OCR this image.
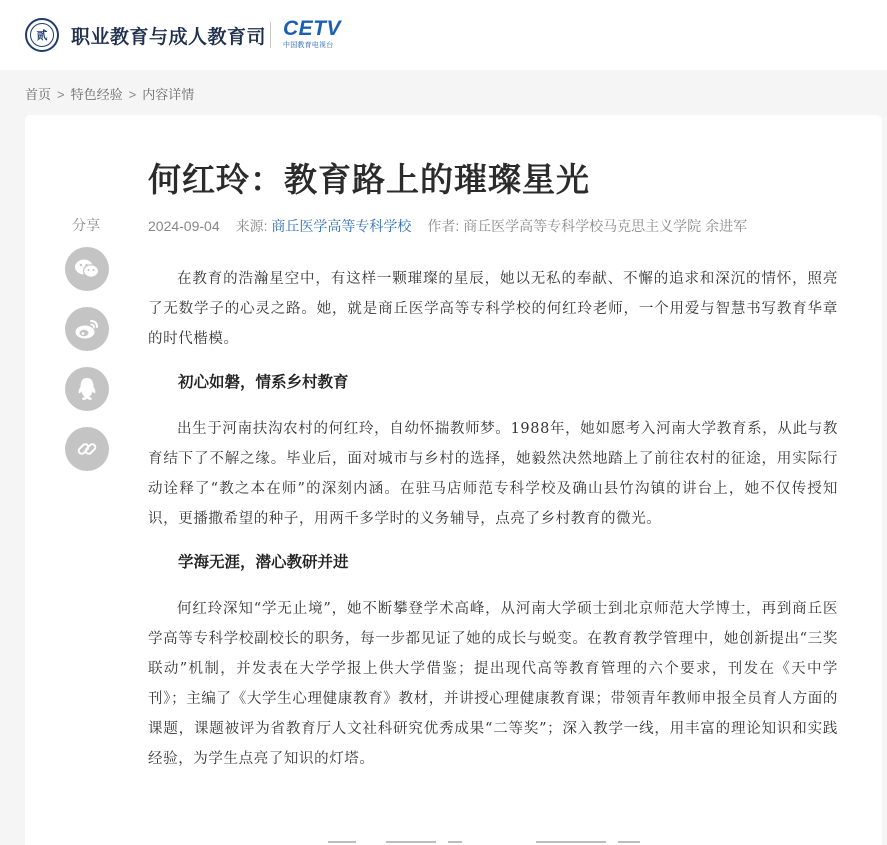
贰	职业教育与成人教育司 CETV
中国教育电视台
首页 > 特色经验 > 内容详情
分享
何红玲：教育路上的璀璨星光
2024-09-04 来源: 商丘医学高等专科学校 作者: 商丘医学高等专科学校马克思主义学院 余进军

在教育的浩瀚星空中，有这样一颗璀璨的星辰，她以无私的奉献、不懈的追求和深沉的情怀，照亮了无数学子的心灵之路。她，就是商丘医学高等专科学校的何红玲老师，一个用爱与智慧书写教育华章的时代楷模。

初心如磐，情系乡村教育

出生于河南扶沟农村的何红玲，自幼怀揣教师梦。1988年，她如愿考入河南大学教育系，从此与教育结下了不解之缘。毕业后，面对城市与乡村的选择，她毅然决然地踏上了前往农村的征途，用实际行动诠释了“教之本在师”的深刻内涵。在驻马店师范专科学校及确山县竹沟镇的讲台上，她不仅传授知识，更播撒希望的种子，用两千多学时的义务辅导，点亮了乡村教育的微光。

学海无涯，潜心教研并进

何红玲深知“学无止境”，她不断攀登学术高峰，从河南大学硕士到北京师范大学博士，再到商丘医学高等专科学校副校长的职务，每一步都见证了她的成长与蜕变。在教育教学管理中，她创新提出“三奖联动”机制，并发表在大学学报上供大学借鉴；提出现代高等教育管理的六个要求，刊发在《天中学刊》；主编了《大学生心理健康教育》教材，并讲授心理健康教育课；带领青年教师申报全员育人方面的课题，课题被评为省教育厅人文社科研究优秀成果“二等奖”；深入教学一线，用丰富的理论知识和实践经验，为学生点亮了知识的灯塔。
